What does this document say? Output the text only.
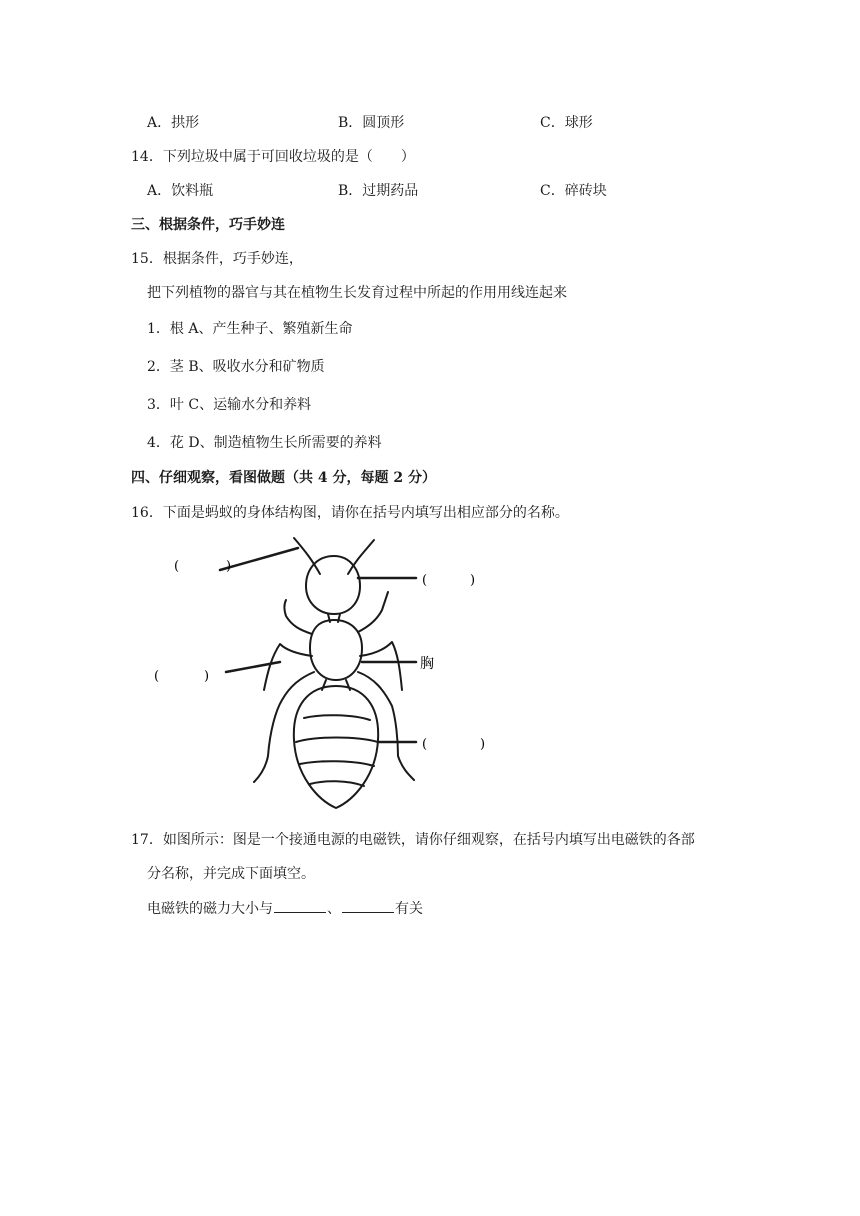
A．拱形	B．圆顶形	C．球形
14．下列垃圾中属于可回收垃圾的是（　　）
A．饮料瓶	B．过期药品	C．碎砖块
三、根据条件，巧手妙连
15．根据条件，巧手妙连，
把下列植物的器官与其在植物生长发育过程中所起的作用用线连起来
1．根 A、产生种子、繁殖新生命
2．茎 B、吸收水分和矿物质
3．叶 C、运输水分和养料
4．花 D、制造植物生长所需要的养料
四、仔细观察，看图做题（共 4 分，每题 2 分）
16．下面是蚂蚁的身体结构图，请你在括号内填写出相应部分的名称。
(	)
(	)
(	)
胸
(	)
17．如图所示：图是一个接通电源的电磁铁，请你仔细观察，在括号内填写出电磁铁的各部
分名称，并完成下面填空。
电磁铁的磁力大小与	、	有关
